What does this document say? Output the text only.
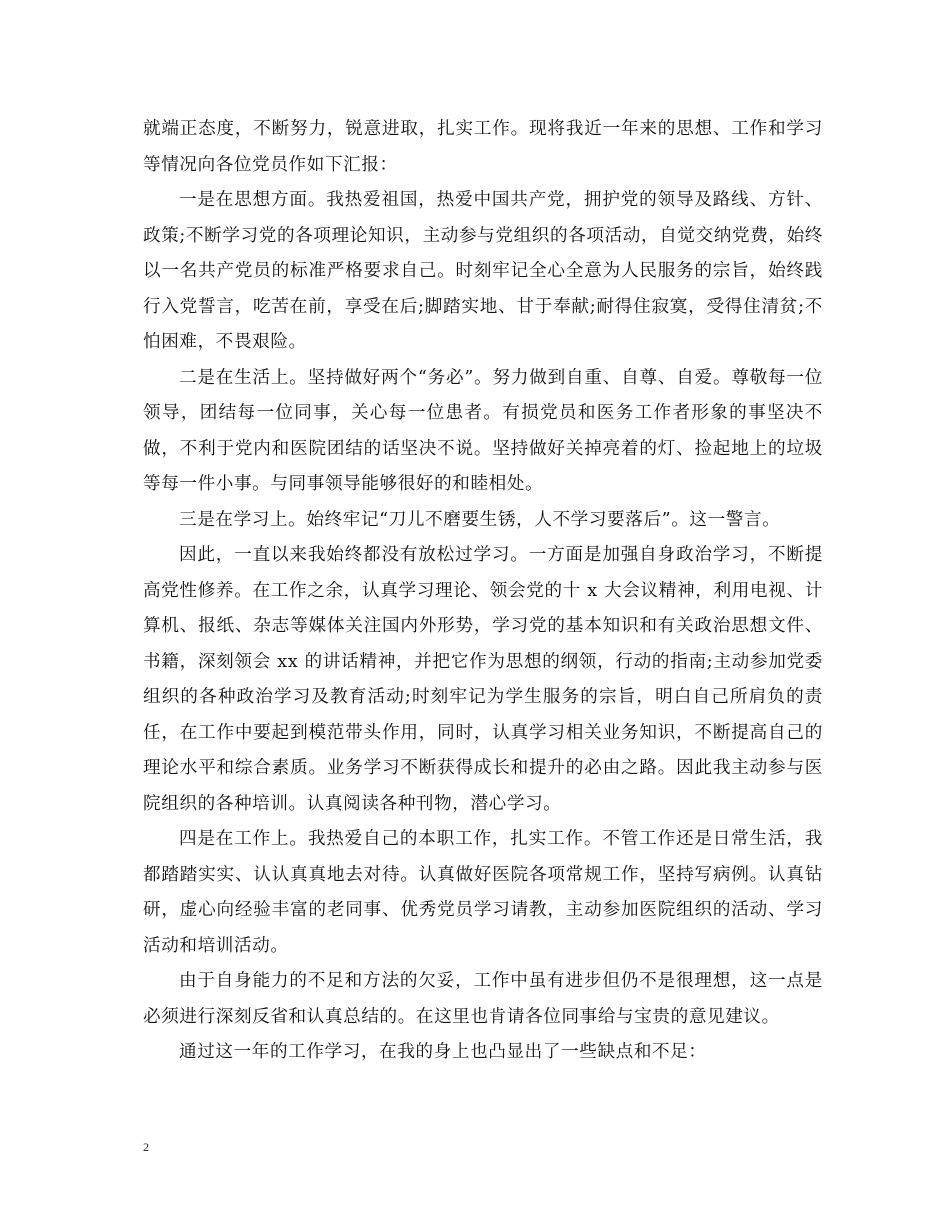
就端正态度，不断努力，锐意进取，扎实工作。现将我近一年来的思想、工作和学习等情况向各位党员作如下汇报：

一是在思想方面。我热爱祖国，热爱中国共产党，拥护党的领导及路线、方针、政策;不断学习党的各项理论知识，主动参与党组织的各项活动，自觉交纳党费，始终以一名共产党员的标准严格要求自己。时刻牢记全心全意为人民服务的宗旨，始终践行入党誓言，吃苦在前，享受在后;脚踏实地、甘于奉献;耐得住寂寞，受得住清贫;不怕困难，不畏艰险。

二是在生活上。坚持做好两个“务必”。努力做到自重、自尊、自爱。尊敬每一位领导，团结每一位同事，关心每一位患者。有损党员和医务工作者形象的事坚决不做，不利于党内和医院团结的话坚决不说。坚持做好关掉亮着的灯、捡起地上的垃圾等每一件小事。与同事领导能够很好的和睦相处。

三是在学习上。始终牢记“刀儿不磨要生锈，人不学习要落后”。这一警言。

因此，一直以来我始终都没有放松过学习。一方面是加强自身政治学习，不断提高党性修养。在工作之余，认真学习理论、领会党的十 x 大会议精神，利用电视、计算机、报纸、杂志等媒体关注国内外形势，学习党的基本知识和有关政治思想文件、书籍，深刻领会 xx 的讲话精神，并把它作为思想的纲领，行动的指南;主动参加党委组织的各种政治学习及教育活动;时刻牢记为学生服务的宗旨，明白自己所肩负的责任，在工作中要起到模范带头作用，同时，认真学习相关业务知识，不断提高自己的理论水平和综合素质。业务学习不断获得成长和提升的必由之路。因此我主动参与医院组织的各种培训。认真阅读各种刊物，潜心学习。

四是在工作上。我热爱自己的本职工作，扎实工作。不管工作还是日常生活，我都踏踏实实、认认真真地去对待。认真做好医院各项常规工作，坚持写病例。认真钻研，虚心向经验丰富的老同事、优秀党员学习请教，主动参加医院组织的活动、学习活动和培训活动。

由于自身能力的不足和方法的欠妥，工作中虽有进步但仍不是很理想，这一点是必须进行深刻反省和认真总结的。在这里也肯请各位同事给与宝贵的意见建议。

通过这一年的工作学习，在我的身上也凸显出了一些缺点和不足：

2
